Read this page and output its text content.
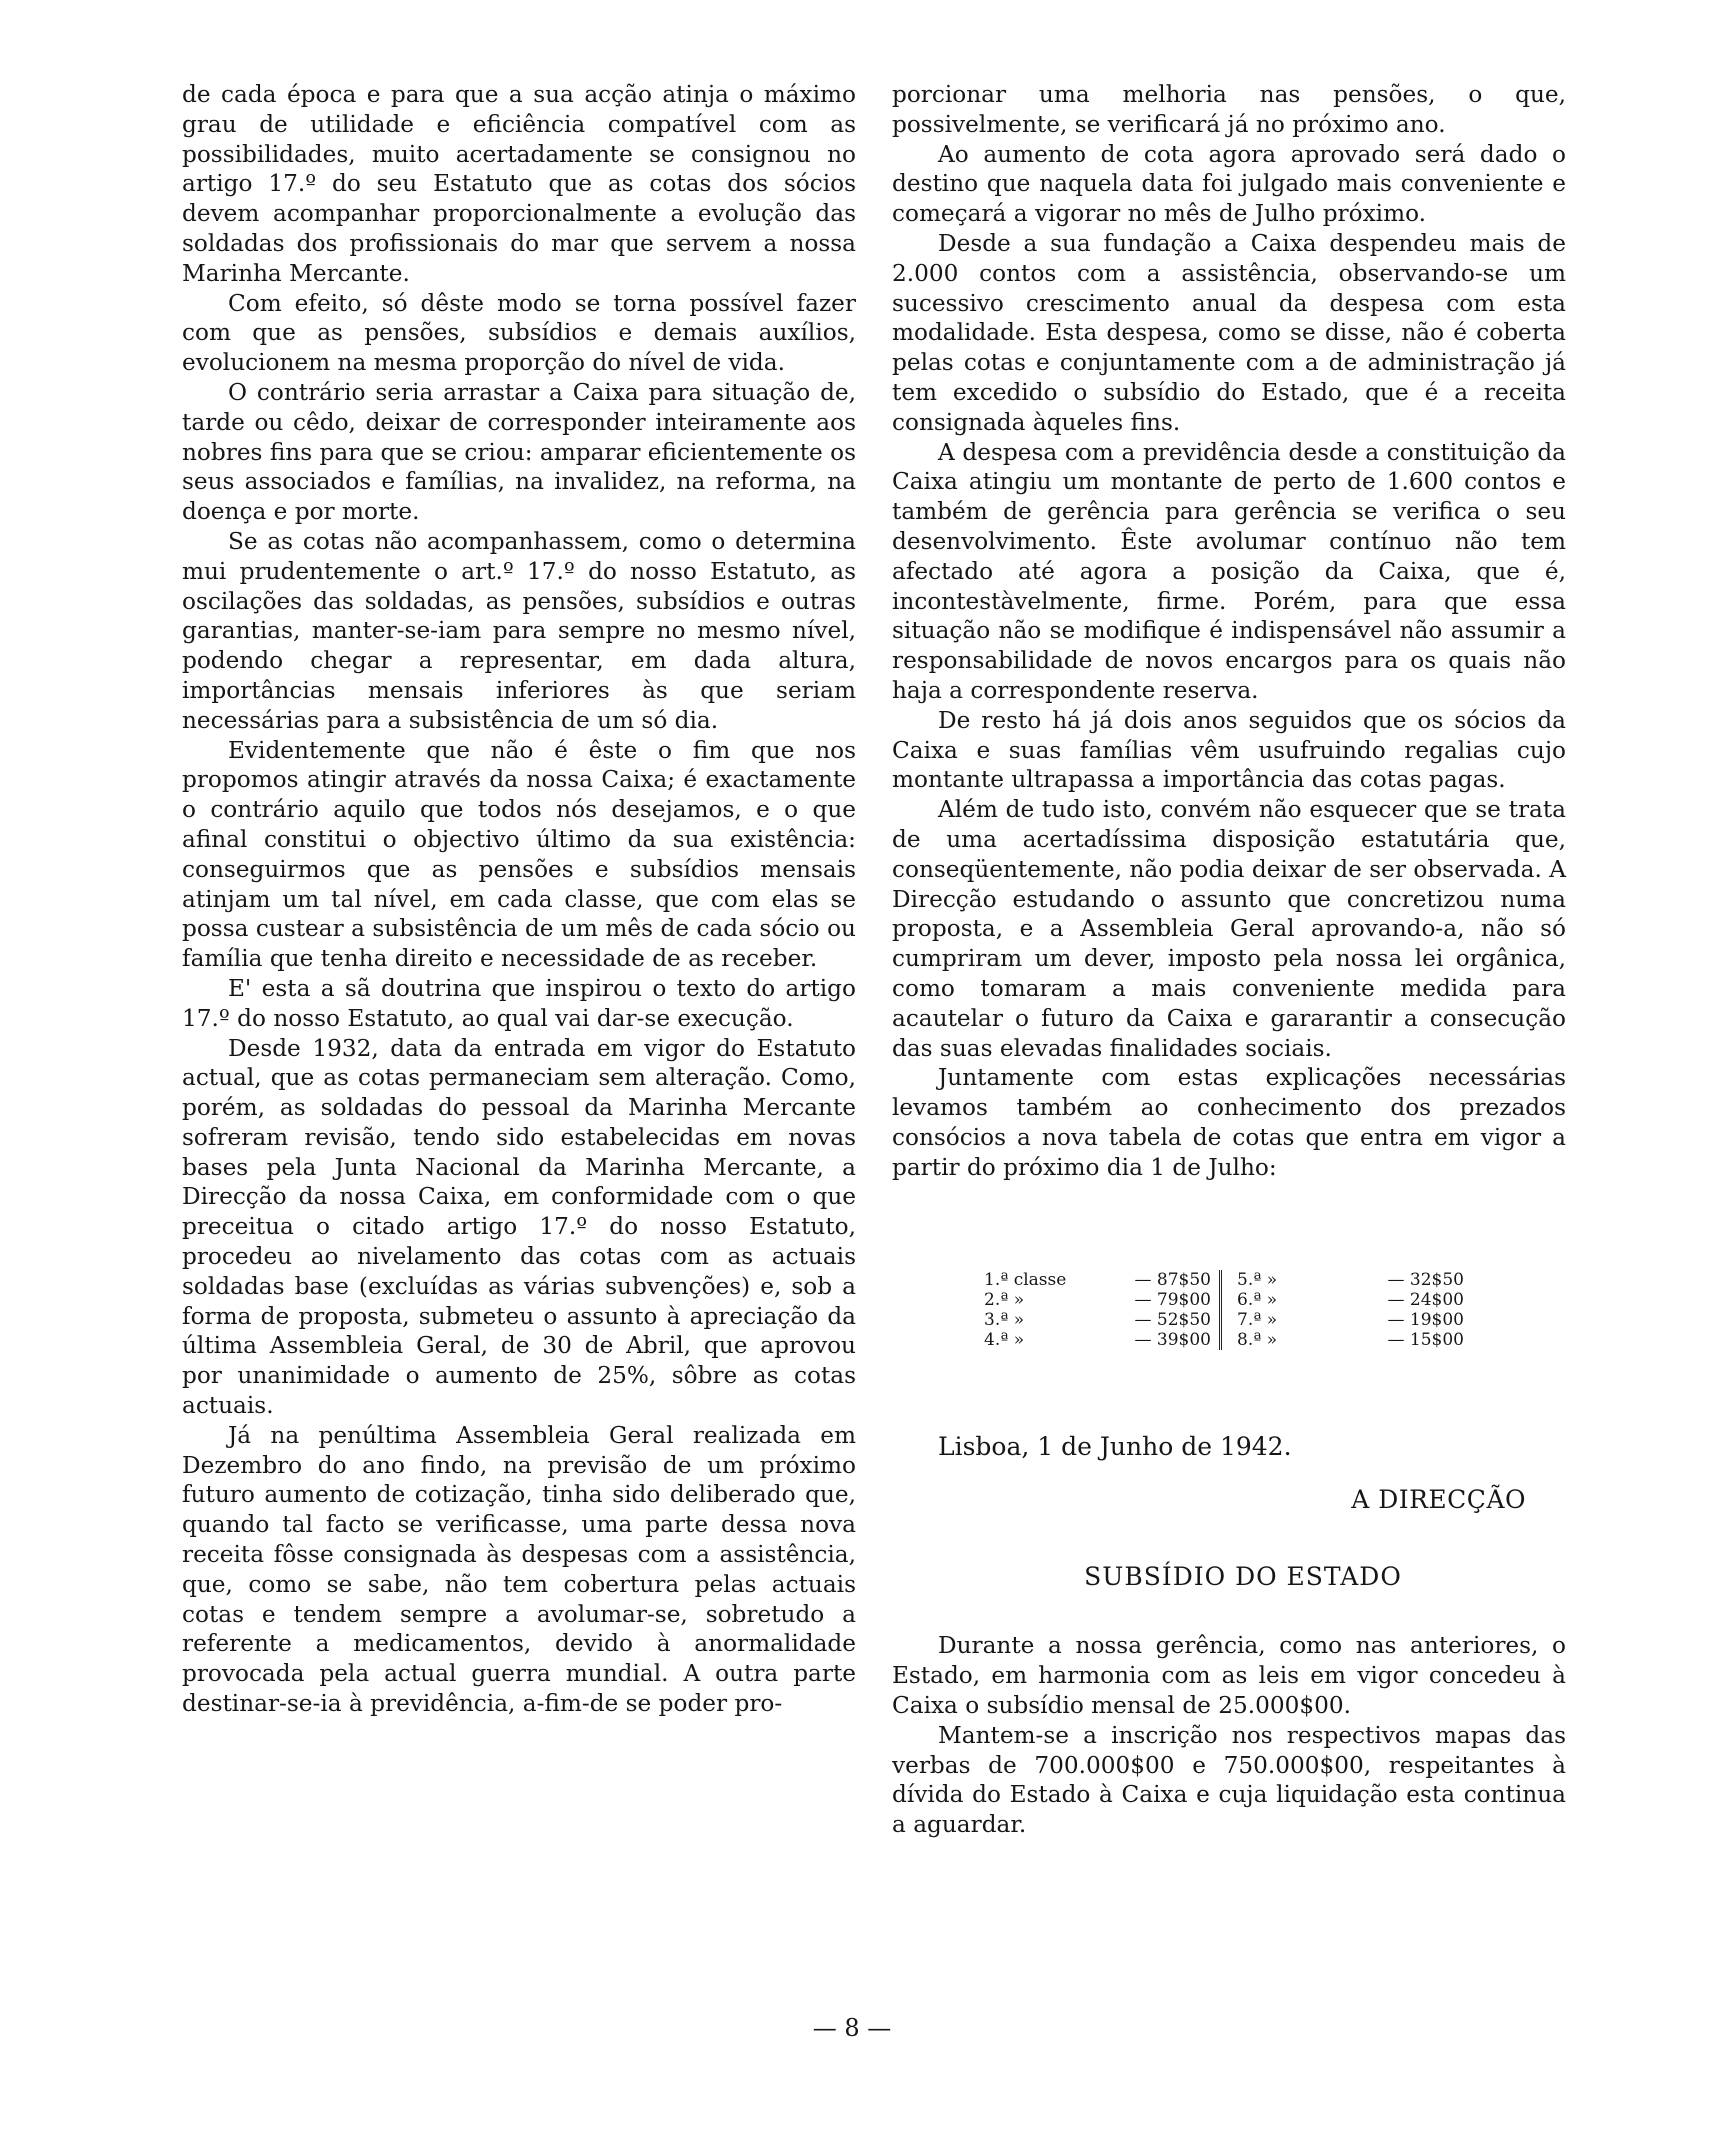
de cada época e para que a sua acção atinja o máximo grau de utilidade e eficiência compatível com as possibilidades, muito acertadamente se consignou no artigo 17.º do seu Estatuto que as cotas dos sócios devem acompanhar proporcionalmente a evolução das soldadas dos profissionais do mar que servem a nossa Marinha Mercante.

Com efeito, só dêste modo se torna possível fazer com que as pensões, subsídios e demais auxílios, evolucionem na mesma proporção do nível de vida.

O contrário seria arrastar a Caixa para situação de, tarde ou cêdo, deixar de corresponder inteiramente aos nobres fins para que se criou: amparar eficientemente os seus associados e famílias, na invalidez, na reforma, na doença e por morte.

Se as cotas não acompanhassem, como o determina mui prudentemente o art.º 17.º do nosso Estatuto, as oscilações das soldadas, as pensões, subsídios e outras garantias, manter-se-iam para sempre no mesmo nível, podendo chegar a representar, em dada altura, importâncias mensais inferiores às que seriam necessárias para a subsistência de um só dia.

Evidentemente que não é êste o fim que nos propomos atingir através da nossa Caixa; é exactamente o contrário aquilo que todos nós desejamos, e o que afinal constitui o objectivo último da sua existência: conseguirmos que as pensões e subsídios mensais atinjam um tal nível, em cada classe, que com elas se possa custear a subsistência de um mês de cada sócio ou família que tenha direito e necessidade de as receber.

E' esta a sã doutrina que inspirou o texto do artigo 17.º do nosso Estatuto, ao qual vai dar-se execução.

Desde 1932, data da entrada em vigor do Estatuto actual, que as cotas permaneciam sem alteração. Como, porém, as soldadas do pessoal da Marinha Mercante sofreram revisão, tendo sido estabelecidas em novas bases pela Junta Nacional da Marinha Mercante, a Direcção da nossa Caixa, em conformidade com o que preceitua o citado artigo 17.º do nosso Estatuto, procedeu ao nivelamento das cotas com as actuais soldadas base (excluídas as várias subvenções) e, sob a forma de proposta, submeteu o assunto à apreciação da última Assembleia Geral, de 30 de Abril, que aprovou por unanimidade o aumento de 25%, sôbre as cotas actuais.

Já na penúltima Assembleia Geral realizada em Dezembro do ano findo, na previsão de um próximo futuro aumento de cotização, tinha sido deliberado que, quando tal facto se verificasse, uma parte dessa nova receita fôsse consignada às despesas com a assistência, que, como se sabe, não tem cobertura pelas actuais cotas e tendem sempre a avolumar-se, sobretudo a referente a medicamentos, devido à anormalidade provocada pela actual guerra mundial. A outra parte destinar-se-ia à previdência, a-fim-de se poder pro-

porcionar uma melhoria nas pensões, o que, possivelmente, se verificará já no próximo ano.

Ao aumento de cota agora aprovado será dado o destino que naquela data foi julgado mais conveniente e começará a vigorar no mês de Julho próximo.

Desde a sua fundação a Caixa despendeu mais de 2.000 contos com a assistência, observando-se um sucessivo crescimento anual da despesa com esta modalidade. Esta despesa, como se disse, não é coberta pelas cotas e conjuntamente com a de administração já tem excedido o subsídio do Estado, que é a receita consignada àqueles fins.

A despesa com a previdência desde a constituição da Caixa atingiu um montante de perto de 1.600 contos e também de gerência para gerência se verifica o seu desenvolvimento. Êste avolumar contínuo não tem afectado até agora a posição da Caixa, que é, incontestàvelmente, firme. Porém, para que essa situação não se modifique é indispensável não assumir a responsabilidade de novos encargos para os quais não haja a correspondente reserva.

De resto há já dois anos seguidos que os sócios da Caixa e suas famílias vêm usufruindo regalias cujo montante ultrapassa a importância das cotas pagas.

Além de tudo isto, convém não esquecer que se trata de uma acertadíssima disposição estatutária que, conseqüentemente, não podia deixar de ser observada. A Direcção estudando o assunto que concretizou numa proposta, e a Assembleia Geral aprovando-a, não só cumpriram um dever, imposto pela nossa lei orgânica, como tomaram a mais conveniente medida para acautelar o futuro da Caixa e gararantir a consecução das suas elevadas finalidades sociais.

Juntamente com estas explicações necessárias levamos também ao conhecimento dos prezados consócios a nova tabela de cotas que entra em vigor a partir do próximo dia 1 de Julho:

1.ª classe	— 87$50
2.ª »	— 79$00
3.ª »	— 52$50
4.ª »	— 39$00
5.ª »	— 32$50
6.ª »	— 24$00
7.ª »	— 19$00
8.ª »	— 15$00
Lisboa, 1 de Junho de 1942.
A DIRECÇÃO
SUBSÍDIO DO ESTADO

Durante a nossa gerência, como nas anteriores, o Estado, em harmonia com as leis em vigor concedeu à Caixa o subsídio mensal de 25.000$00.

Mantem-se a inscrição nos respectivos mapas das verbas de 700.000$00 e 750.000$00, respeitantes à dívida do Estado à Caixa e cuja liquidação esta continua a aguardar.

— 8 —
